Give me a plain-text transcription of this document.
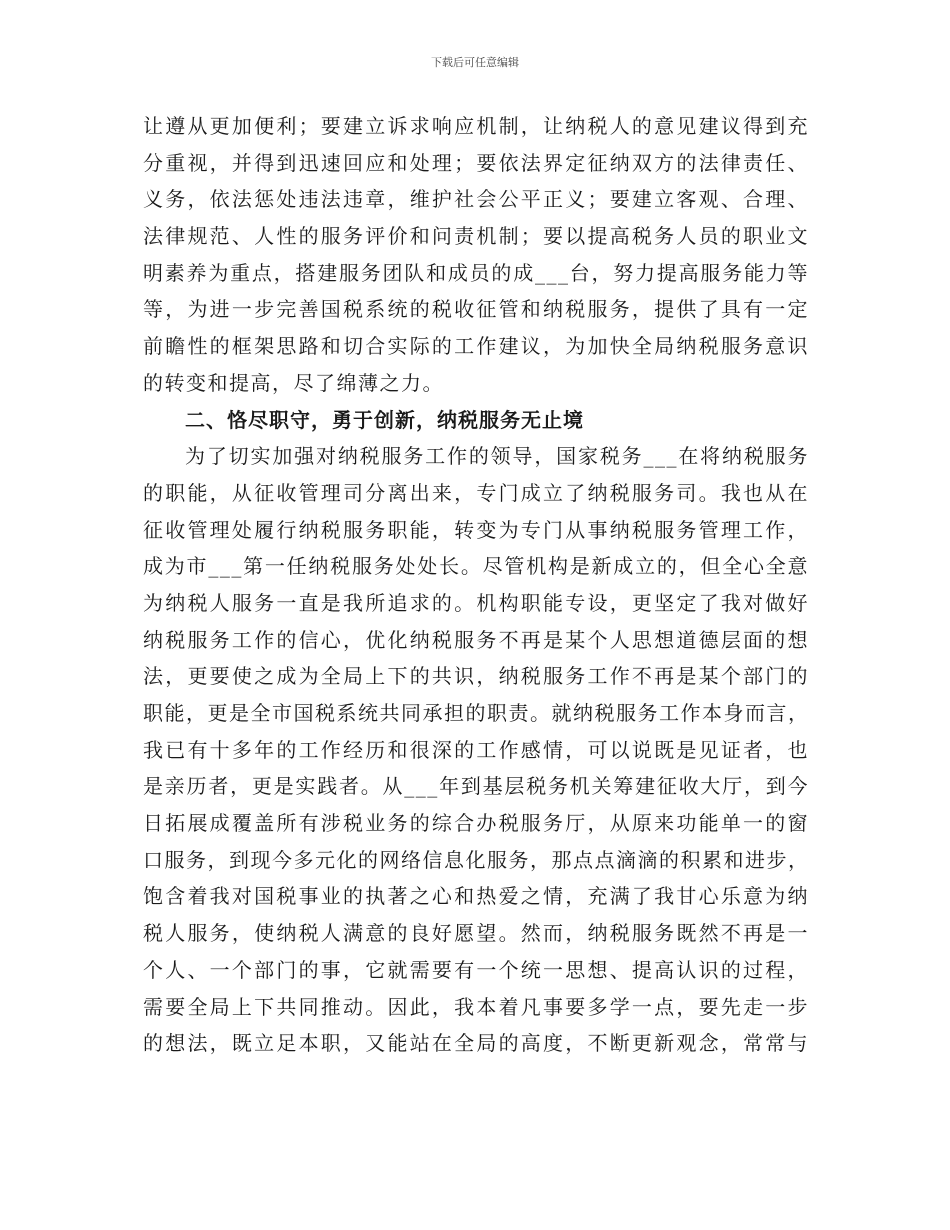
下载后可任意编辑
让遵从更加便利；要建立诉求响应机制，让纳税人的意见建议得到充
分重视，并得到迅速回应和处理；要依法界定征纳双方的法律责任、
义务，依法惩处违法违章，维护社会公平正义；要建立客观、合理、
法律规范、人性的服务评价和问责机制；要以提高税务人员的职业文
明素养为重点，搭建服务团队和成员的成___台，努力提高服务能力等
等，为进一步完善国税系统的税收征管和纳税服务，提供了具有一定
前瞻性的框架思路和切合实际的工作建议，为加快全局纳税服务意识
的转变和提高，尽了绵薄之力。
二、恪尽职守，勇于创新，纳税服务无止境
为了切实加强对纳税服务工作的领导，国家税务___在将纳税服务
的职能，从征收管理司分离出来，专门成立了纳税服务司。我也从在
征收管理处履行纳税服务职能，转变为专门从事纳税服务管理工作，
成为市___第一任纳税服务处处长。尽管机构是新成立的，但全心全意
为纳税人服务一直是我所追求的。机构职能专设，更坚定了我对做好
纳税服务工作的信心，优化纳税服务不再是某个人思想道德层面的想
法，更要使之成为全局上下的共识，纳税服务工作不再是某个部门的
职能，更是全市国税系统共同承担的职责。就纳税服务工作本身而言，
我已有十多年的工作经历和很深的工作感情，可以说既是见证者，也
是亲历者，更是实践者。从___年到基层税务机关筹建征收大厅，到今
日拓展成覆盖所有涉税业务的综合办税服务厅，从原来功能单一的窗
口服务，到现今多元化的网络信息化服务，那点点滴滴的积累和进步，
饱含着我对国税事业的执著之心和热爱之情，充满了我甘心乐意为纳
税人服务，使纳税人满意的良好愿望。然而，纳税服务既然不再是一
个人、一个部门的事，它就需要有一个统一思想、提高认识的过程，
需要全局上下共同推动。因此，我本着凡事要多学一点，要先走一步
的想法，既立足本职，又能站在全局的高度，不断更新观念，常常与
